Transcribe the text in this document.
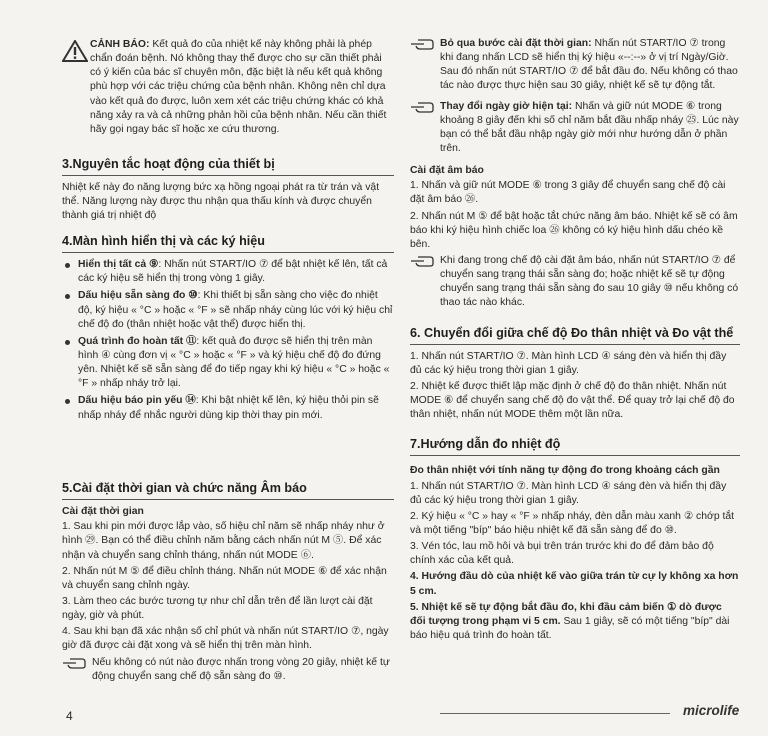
CẢNH BÁO: Kết quả đo của nhiệt kế này không phải là phép chẩn đoán bệnh. Nó không thay thế được cho sự cần thiết phải có ý kiến của bác sĩ chuyên môn, đặc biệt là nếu kết quả không phù hợp với các triệu chứng của bệnh nhân. Không nên chỉ dựa vào kết quả đo được, luôn xem xét các triệu chứng khác có khả năng xảy ra và cả những phản hồi của bệnh nhân. Nếu cần thiết hãy gọi ngay bác sĩ hoặc xe cứu thương.

3.Nguyên tắc hoạt động của thiết bị

Nhiệt kế này đo năng lượng bức xạ hồng ngoại phát ra từ trán và vật thể. Năng lượng này được thu nhận qua thấu kính và được chuyển thành giá trị nhiệt độ

4.Màn hình hiển thị và các ký hiệu
Hiển thị tất cả ⑨: Nhấn nút START/IO ⑦ để bật nhiệt kế lên, tất cả các ký hiệu sẽ hiển thị trong vòng 1 giây.
Dấu hiệu sẵn sàng đo ⑩: Khi thiết bị sẵn sàng cho việc đo nhiệt độ, ký hiệu « °C » hoặc « °F » sẽ nhấp nháy cùng lúc với ký hiệu chỉ chế độ đo (thân nhiệt hoặc vật thể) được hiển thị.
Quá trình đo hoàn tất ⑪: kết quả đo được sẽ hiển thị trên màn hình ④ cùng đơn vị « °C » hoặc « °F » và ký hiệu chế độ đo đứng yên. Nhiệt kế sẽ sẵn sàng để đo tiếp ngay khi ký hiệu « °C » hoặc « °F » nhấp nháy trở lại.
Dấu hiệu báo pin yếu ⑭: Khi bật nhiệt kế lên, ký hiệu thỏi pin sẽ nhấp nháy để nhắc người dùng kịp thời thay pin mới.
5.Cài đặt thời gian và chức năng Âm báo

Cài đặt thời gian

1. Sau khi pin mới được lắp vào, số hiệu chỉ năm sẽ nhấp nháy như ở hình ㉙. Bạn có thể điều chỉnh năm bằng cách nhấn nút M ⑤. Để xác nhận và chuyển sang chỉnh tháng, nhấn nút MODE ⑥.

2. Nhấn nút M ⑤ để điều chỉnh tháng. Nhấn nút MODE ⑥ để xác nhận và chuyển sang chỉnh ngày.

3. Làm theo các bước tương tự như chỉ dẫn trên để lần lượt cài đặt ngày, giờ và phút.

4. Sau khi bạn đã xác nhận số chỉ phút và nhấn nút START/IO ⑦, ngày giờ đã được cài đặt xong và sẽ hiển thị trên màn hình.

Nếu không có nút nào được nhấn trong vòng 20 giây, nhiệt kế tự động chuyển sang chế độ sẵn sàng đo ⑩.

Bỏ qua bước cài đặt thời gian: Nhấn nút START/IO ⑦ trong khi đang nhấn LCD sẽ hiển thị ký hiệu «--:--» ở vị trí Ngày/Giờ. Sau đó nhấn nút START/IO ⑦ để bắt đầu đo. Nếu không có thao tác nào được thực hiện sau 30 giây, nhiệt kế sẽ tự động tắt.

Thay đổi ngày giờ hiện tại: Nhấn và giữ nút MODE ⑥ trong khoảng 8 giây đến khi số chỉ năm bắt đầu nhấp nháy ㉕. Lúc này bạn có thể bắt đầu nhập ngày giờ mới như hướng dẫn ở phần trên.

Cài đặt âm báo

1. Nhấn và giữ nút MODE ⑥ trong 3 giây để chuyển sang chế độ cài đặt âm báo ㉖.

2. Nhấn nút M ⑤ để bật hoặc tắt chức năng âm báo. Nhiệt kế sẽ có âm báo khi ký hiệu hình chiếc loa ㉖ không có ký hiệu hình dấu chéo kề bên.

Khi đang trong chế độ cài đặt âm báo, nhấn nút START/IO ⑦ để chuyển sang trạng thái sẵn sàng đo; hoặc nhiệt kế sẽ tự động chuyển sang trạng thái sẵn sàng đo sau 10 giây ⑩ nếu không có thao tác nào khác.

6. Chuyển đổi giữa chế độ Đo thân nhiệt và Đo vật thể

1. Nhấn nút START/IO ⑦. Màn hình LCD ④ sáng đèn và hiển thị đầy đủ các ký hiệu trong thời gian 1 giây.

2. Nhiệt kế được thiết lập mặc định ở chế độ đo thân nhiệt. Nhấn nút MODE ⑥ để chuyển sang chế độ đo vật thể. Để quay trở lại chế độ đo thân nhiệt, nhấn nút MODE thêm một lần nữa.

7.Hướng dẫn đo nhiệt độ

Đo thân nhiệt với tính năng tự động đo trong khoảng cách gần

1. Nhấn nút START/IO ⑦. Màn hình LCD ④ sáng đèn và hiển thị đầy đủ các ký hiệu trong thời gian 1 giây.

2. Ký hiệu « °C » hay « °F » nhấp nháy, đèn dẫn màu xanh ② chớp tắt và một tiếng "bíp" báo hiệu nhiệt kế đã sẵn sàng để đo ⑩.

3. Vén tóc, lau mồ hôi và bụi trên trán trước khi đo để đảm bảo độ chính xác của kết quả.

4. Hướng đầu dò của nhiệt kế vào giữa trán từ cự ly không xa hơn 5 cm.

5. Nhiệt kế sẽ tự động bắt đầu đo, khi đầu cảm biến ① dò được đối tượng trong phạm vi 5 cm. Sau 1 giây, sẽ có một tiếng "bíp" dài báo hiệu quá trình đo hoàn tất.

4	microlife
